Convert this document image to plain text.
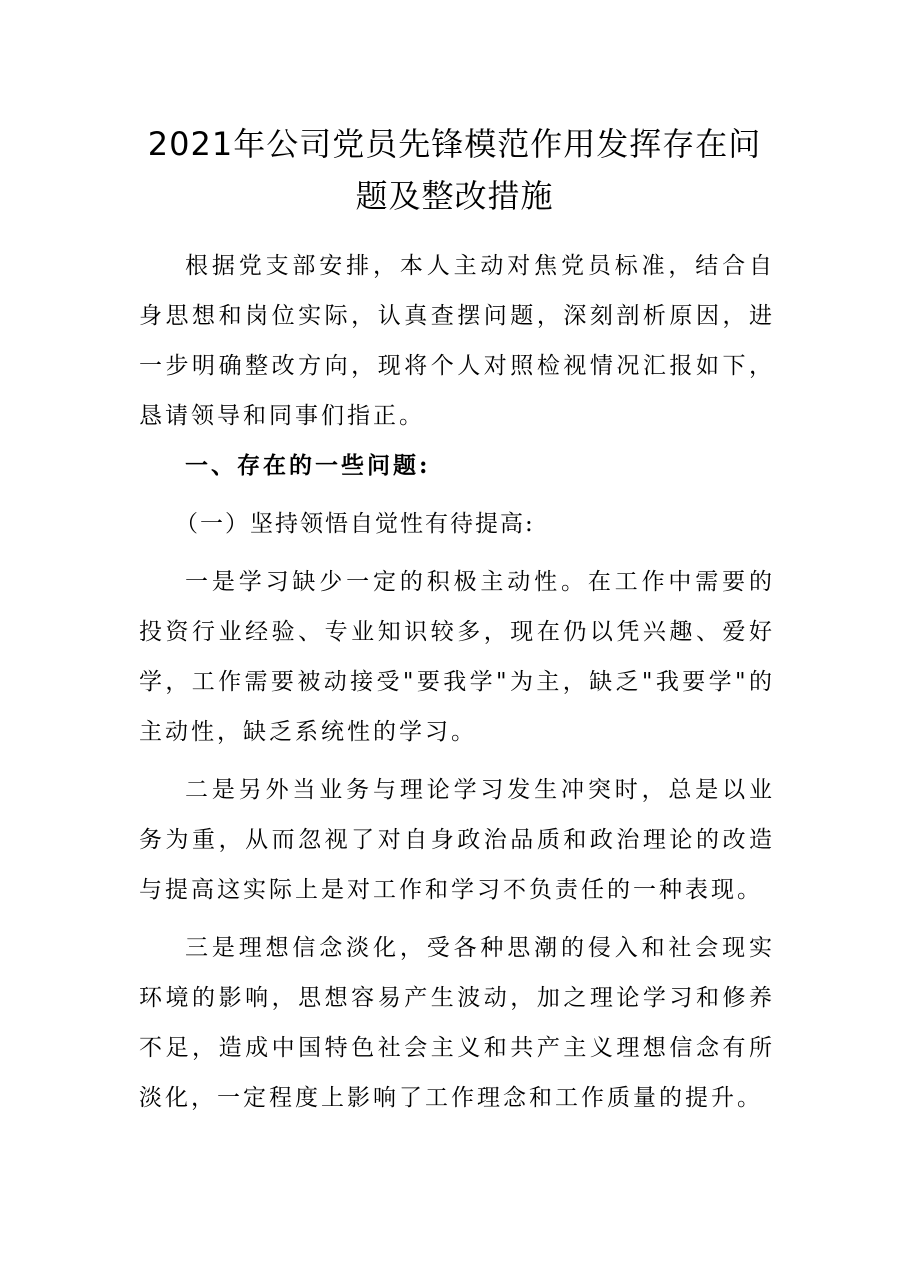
2021年公司党员先锋模范作用发挥存在问
题及整改措施

根据党支部安排，本人主动对焦党员标准，结合自身思想和岗位实际，认真查摆问题，深刻剖析原因，进一步明确整改方向，现将个人对照检视情况汇报如下，恳请领导和同事们指正。

一、存在的一些问题:

（一）坚持领悟自觉性有待提高:

一是学习缺少一定的积极主动性。在工作中需要的投资行业经验、专业知识较多，现在仍以凭兴趣、爱好学，工作需要被动接受"要我学"为主，缺乏"我要学"的主动性，缺乏系统性的学习。

二是另外当业务与理论学习发生冲突时，总是以业务为重，从而忽视了对自身政治品质和政治理论的改造与提高这实际上是对工作和学习不负责任的一种表现。

三是理想信念淡化，受各种思潮的侵入和社会现实环境的影响，思想容易产生波动，加之理论学习和修养不足，造成中国特色社会主义和共产主义理想信念有所淡化，一定程度上影响了工作理念和工作质量的提升。
